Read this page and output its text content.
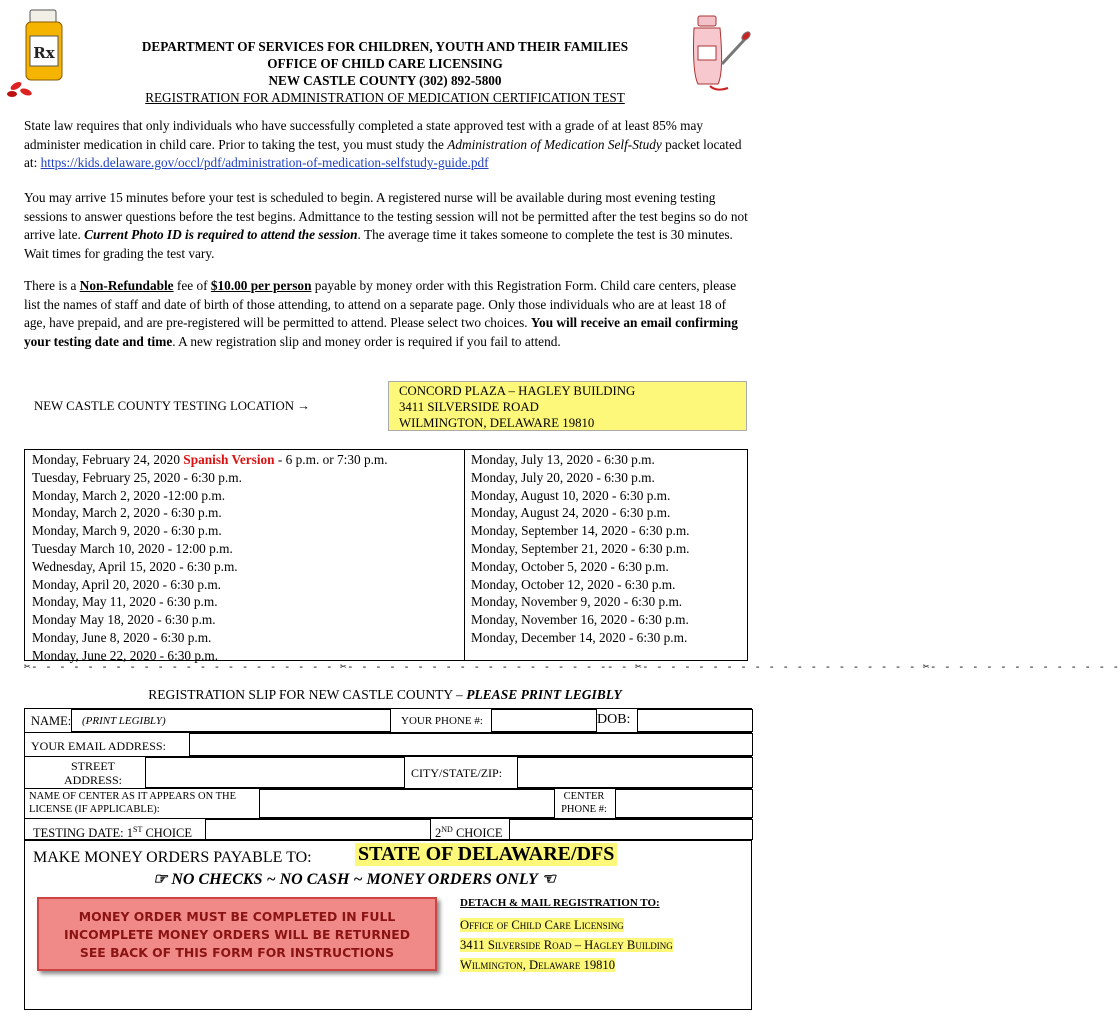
Rx	DEPARTMENT OF SERVICES FOR CHILDREN, YOUTH AND THEIR FAMILIES
OFFICE OF CHILD CARE LICENSING
NEW CASTLE COUNTY (302) 892-5800
REGISTRATION FOR ADMINISTRATION OF MEDICATION CERTIFICATION TEST
State law requires that only individuals who have successfully completed a state approved test with a grade of at least 85% may administer medication in child care. Prior to taking the test, you must study the Administration of Medication Self-Study packet located at: https://kids.delaware.gov/occl/pdf/administration-of-medication-selfstudy-guide.pdf
You may arrive 15 minutes before your test is scheduled to begin. A registered nurse will be available during most evening testing sessions to answer questions before the test begins. Admittance to the testing session will not be permitted after the test begins so do not arrive late. Current Photo ID is required to attend the session. The average time it takes someone to complete the test is 30 minutes. Wait times for grading the test vary.
There is a Non-Refundable fee of $10.00 per person payable by money order with this Registration Form. Child care centers, please list the names of staff and date of birth of those attending, to attend on a separate page. Only those individuals who are at least 18 of age, have prepaid, and are pre-registered will be permitted to attend. Please select two choices. You will receive an email confirming your testing date and time. A new registration slip and money order is required if you fail to attend.
NEW CASTLE COUNTY TESTING LOCATION →
CONCORD PLAZA – HAGLEY BUILDING
3411 SILVERSIDE ROAD
WILMINGTON, DELAWARE 19810
Monday, February 24, 2020 Spanish Version - 6 p.m. or 7:30 p.m.
Tuesday, February 25, 2020 - 6:30 p.m.
Monday, March 2, 2020 -12:00 p.m.
Monday, March 2, 2020 - 6:30 p.m.
Monday, March 9, 2020 - 6:30 p.m.
Tuesday March 10, 2020 - 12:00 p.m.
Wednesday, April 15, 2020 - 6:30 p.m.
Monday, April 20, 2020 - 6:30 p.m.
Monday, May 11, 2020 - 6:30 p.m.
Monday May 18, 2020 - 6:30 p.m.
Monday, June 8, 2020 - 6:30 p.m.
Monday, June 22, 2020 - 6:30 p.m.
Monday, July 13, 2020 - 6:30 p.m.
Monday, July 20, 2020 - 6:30 p.m.
Monday, August 10, 2020 - 6:30 p.m.
Monday, August 24, 2020 - 6:30 p.m.
Monday, September 14, 2020 - 6:30 p.m.
Monday, September 21, 2020 - 6:30 p.m.
Monday, October 5, 2020 - 6:30 p.m.
Monday, October 12, 2020 - 6:30 p.m.
Monday, November 9, 2020 - 6:30 p.m.
Monday, November 16, 2020 - 6:30 p.m.
Monday, December 14, 2020 - 6:30 p.m.
✂- - - - - - - - - - - - - - - - - - - - - - ✂- - - - - - - - - - - - - - - - - - -- - ✂- - - - - - - - - - - - - - - - - - - - ✂- - - - - - - - - - - - - -
REGISTRATION SLIP FOR NEW CASTLE COUNTY – PLEASE PRINT LEGIBLY
NAME: (PRINT LEGIBLY)	YOUR PHONE #:	DOB:
YOUR EMAIL ADDRESS:
STREET ADDRESS:	CITY/STATE/ZIP:
NAME OF CENTER AS IT APPEARS ON THE LICENSE (IF APPLICABLE):
CENTER PHONE #:
TESTING DATE: 1ST CHOICE	2ND CHOICE
MAKE MONEY ORDERS PAYABLE TO: STATE OF DELAWARE/DFS
☞ NO CHECKS ~ NO CASH ~ MONEY ORDERS ONLY ☜
MONEY ORDER MUST BE COMPLETED IN FULL
INCOMPLETE MONEY ORDERS WILL BE RETURNED
SEE BACK OF THIS FORM FOR INSTRUCTIONS
DETACH & MAIL REGISTRATION TO:
Office of Child Care Licensing
3411 Silverside Road – Hagley Building
Wilmington, Delaware 19810
